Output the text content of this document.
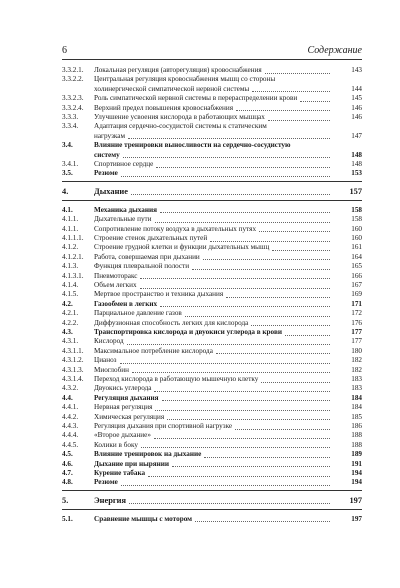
6	Содержание
3.3.2.1. Локальная регуляция (авторегуляция) кровоснабжения	143
3.3.2.2. Центральная регуляция кровоснабжения мышц со стороны
холинергической симпатической нервной системы	144
3.3.2.3. Роль симпатической нервной системы в перераспределении крови	145
3.3.2.4. Верхний предел повышения кровоснабжения	146
3.3.3. Улучшение усвоения кислорода в работающих мышцах	146
3.3.4. Адаптация сердечно-сосудистой системы к статическим
нагрузкам	147
3.4.	Влияние тренировки выносливости на сердечно-сосудистую
систему	148
3.4.1. Спортивное сердце	148
3.5.	Резюме	153
4.	Дыхание	157
4.1.	Механика дыхания	158
4.1.1. Дыхательные пути	158
4.1.1. Сопротивление потоку воздуха в дыхательных путях	160
4.1.1.1. Строение стенок дыхательных путей	160
4.1.2. Строение грудной клетки и функции дыхательных мышц	161
4.1.2.1. Работа, совершаемая при дыхании	164
4.1.3. Функция плевральной полости	165
4.1.3.1. Пневмоторакс	166
4.1.4. Объем легких	167
4.1.5. Мертвое пространство и техника дыхания	169
4.2.	Газообмен в легких	171
4.2.1. Парциальное давление газов	172
4.2.2. Диффузионная способность легких для кислорода	176
4.3.	Транспортировка кислорода и двуокиси углерода в крови	177
4.3.1. Кислород	177
4.3.1.1. Максимальное потребление кислорода	180
4.3.1.2. Цианоз	182
4.3.1.3. Миоглобин	182
4.3.1.4. Переход кислорода в работающую мышечную клетку	183
4.3.2. Двуокись углерода	183
4.4.	Регуляция дыхания	184
4.4.1. Нервная регуляция	184
4.4.2. Химическая регуляция	185
4.4.3. Регуляция дыхания при спортивной нагрузке	186
4.4.4. «Второе дыхание»	188
4.4.5. Колики в боку	188
4.5.	Влияние тренировок на дыхание	189
4.6.	Дыхание при нырянии	191
4.7.	Курение табака	194
4.8.	Резюме	194
5.	Энергия	197
5.1.	Сравнение мышцы с мотором	197
